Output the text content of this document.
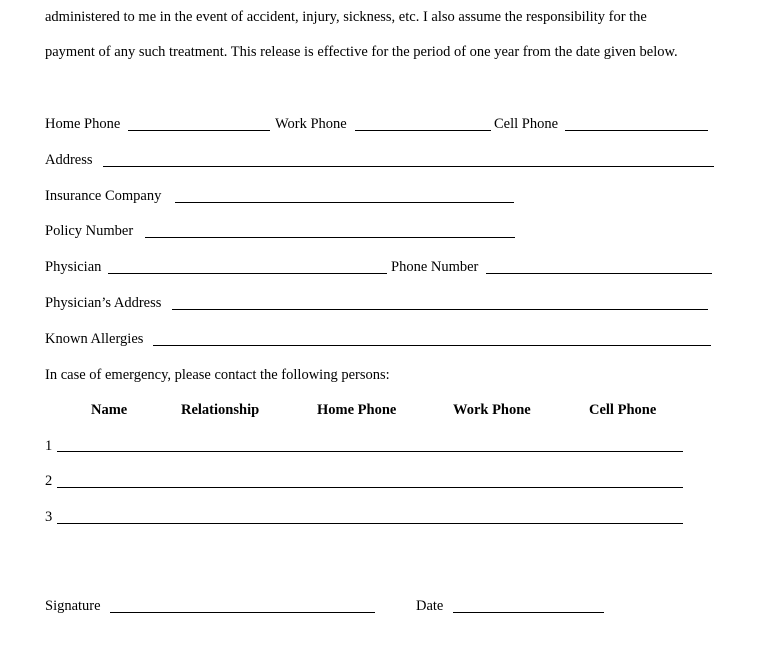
administered to me in the event of accident, injury, sickness, etc. I also assume the responsibility for the
payment of any such treatment. This release is effective for the period of one year from the date given below.
Home Phone	Work Phone	Cell Phone
Address
Insurance Company
Policy Number
Physician	Phone Number
Physician’s Address
Known Allergies
In case of emergency, please contact the following persons:
Name	Relationship	Home Phone	Work Phone	Cell Phone
1
2
3
Signature	Date
